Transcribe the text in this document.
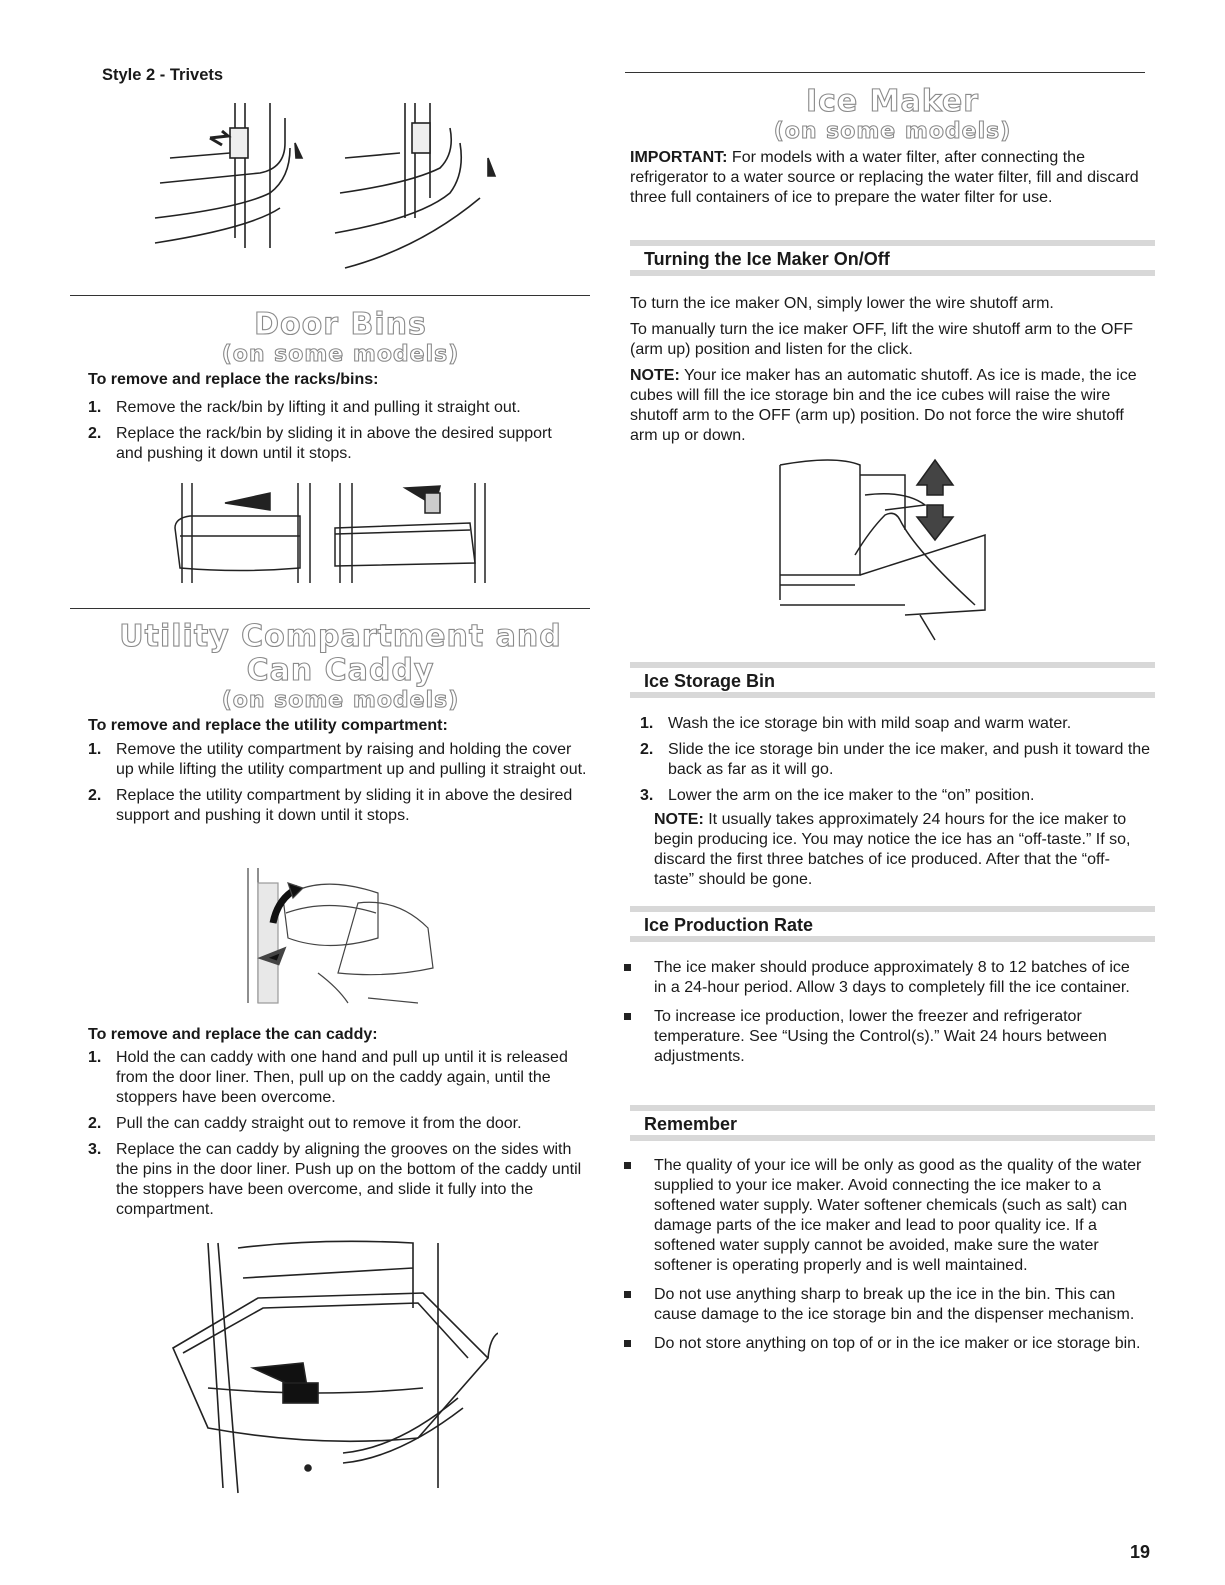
Style 2 - Trivets
Door Bins
(on some models)
To remove and replace the racks/bins:
1. Remove the rack/bin by lifting it and pulling it straight out.
2. Replace the rack/bin by sliding it in above the desired support and pushing it down until it stops.
Utility Compartment and
Can Caddy
(on some models)
To remove and replace the utility compartment:
1. Remove the utility compartment by raising and holding the cover up while lifting the utility compartment up and pulling it straight out.
2. Replace the utility compartment by sliding it in above the desired support and pushing it down until it stops.
To remove and replace the can caddy:
1. Hold the can caddy with one hand and pull up until it is released from the door liner. Then, pull up on the caddy again, until the stoppers have been overcome.
2. Pull the can caddy straight out to remove it from the door.
3. Replace the can caddy by aligning the grooves on the sides with the pins in the door liner. Push up on the bottom of the caddy until the stoppers have been overcome, and slide it fully into the compartment.
Ice Maker
(on some models)
IMPORTANT: For models with a water filter, after connecting the refrigerator to a water source or replacing the water filter, fill and discard three full containers of ice to prepare the water filter for use.
Turning the Ice Maker On/Off
To turn the ice maker ON, simply lower the wire shutoff arm.
To manually turn the ice maker OFF, lift the wire shutoff arm to the OFF (arm up) position and listen for the click.
NOTE: Your ice maker has an automatic shutoff. As ice is made, the ice cubes will fill the ice storage bin and the ice cubes will raise the wire shutoff arm to the OFF (arm up) position. Do not force the wire shutoff arm up or down.
Ice Storage Bin
1. Wash the ice storage bin with mild soap and warm water.
2. Slide the ice storage bin under the ice maker, and push it toward the back as far as it will go.
3. Lower the arm on the ice maker to the “on” position.
NOTE: It usually takes approximately 24 hours for the ice maker to begin producing ice. You may notice the ice has an “off-taste.” If so, discard the first three batches of ice produced. After that the “off-taste” should be gone.
Ice Production Rate
The ice maker should produce approximately 8 to 12 batches of ice in a 24-hour period. Allow 3 days to completely fill the ice container.
To increase ice production, lower the freezer and refrigerator temperature. See “Using the Control(s).” Wait 24 hours between adjustments.
Remember
The quality of your ice will be only as good as the quality of the water supplied to your ice maker. Avoid connecting the ice maker to a softened water supply. Water softener chemicals (such as salt) can damage parts of the ice maker and lead to poor quality ice. If a softened water supply cannot be avoided, make sure the water softener is operating properly and is well maintained.
Do not use anything sharp to break up the ice in the bin. This can cause damage to the ice storage bin and the dispenser mechanism.
Do not store anything on top of or in the ice maker or ice storage bin.
19
